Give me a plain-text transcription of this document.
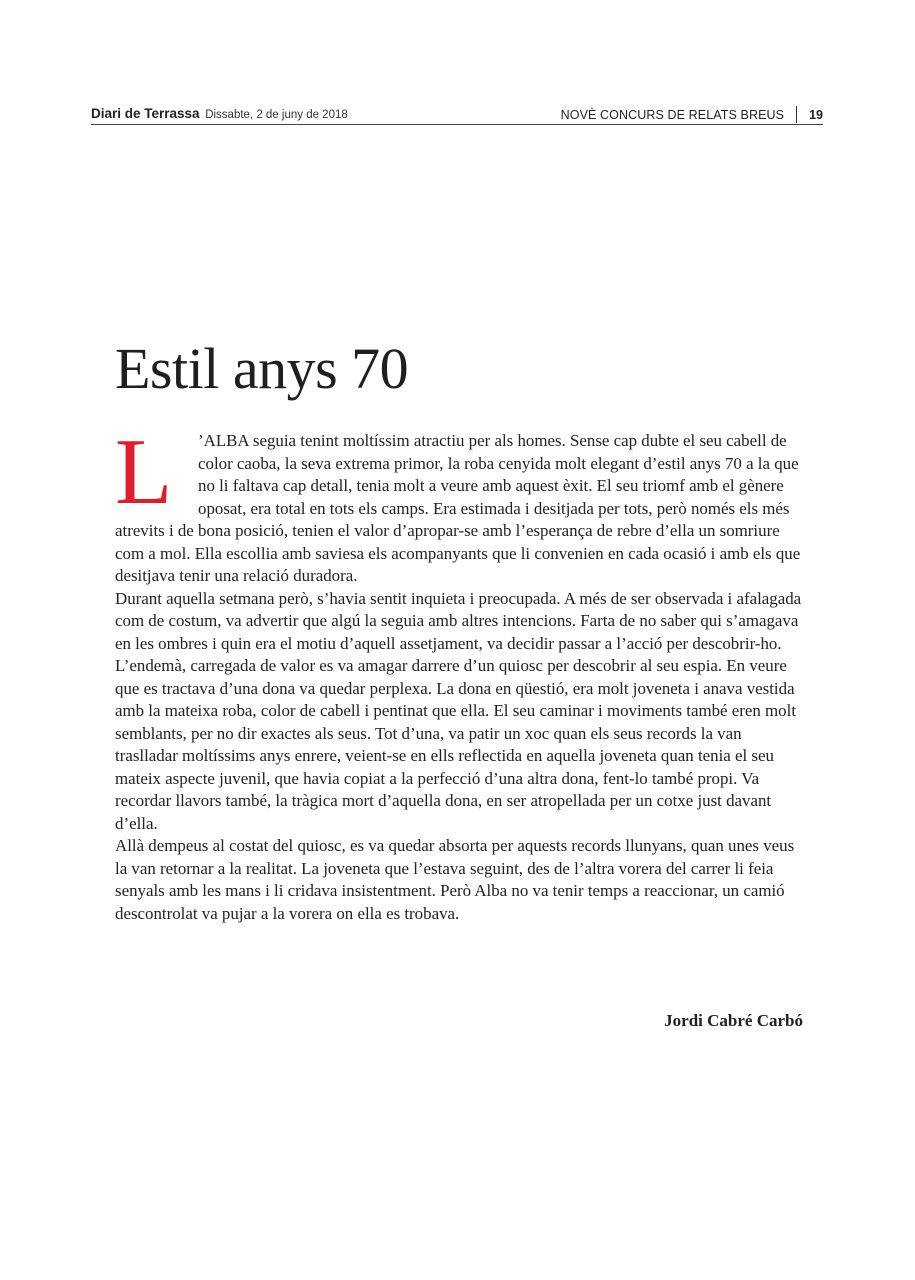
Diari de Terrassa Dissabte, 2 de juny de 2018	NOVÈ CONCURS DE RELATS BREUS 19
Estil anys 70
L	’ALBA seguia tenint moltíssim atractiu per als homes. Sense cap dubte el seu cabell de color caoba, la seva extrema primor, la roba cenyida molt elegant d’estil anys 70 a la que no li faltava cap detall, tenia molt a veure amb aquest èxit. El seu triomf amb el gènere oposat, era total en tots els camps. Era estimada i desitjada per tots, però només els més atrevits i de bona posició, tenien el valor d’apropar-se amb l’esperança de rebre d’ella un somriure com a mol. Ella escollia amb saviesa els acompanyants que li convenien en cada ocasió i amb els que desitjava tenir una relació duradora.

Durant aquella setmana però, s’havia sentit inquieta i preocupada. A més de ser observada i afalagada com de costum, va advertir que algú la seguia amb altres intencions. Farta de no saber qui s’amagava en les ombres i quin era el motiu d’aquell assetjament, va decidir passar a l’acció per descobrir-ho. L’endemà, carregada de valor es va amagar darrere d’un quiosc per descobrir al seu espia. En veure que es tractava d’una dona va quedar perplexa. La dona en qüestió, era molt joveneta i anava vestida amb la mateixa roba, color de cabell i pentinat que ella. El seu caminar i moviments també eren molt semblants, per no dir exactes als seus. Tot d’una, va patir un xoc quan els seus records la van traslladar moltíssims anys enrere, veient-se en ells reflectida en aquella joveneta quan tenia el seu mateix aspecte juvenil, que havia copiat a la perfecció d’una altra dona, fent-lo també propi. Va recordar llavors també, la tràgica mort d’aquella dona, en ser atropellada per un cotxe just davant d’ella.

Allà dempeus al costat del quiosc, es va quedar absorta per aquests records llunyans, quan unes veus la van retornar a la realitat. La joveneta que l’estava seguint, des de l’altra vorera del carrer li feia senyals amb les mans i li cridava insistentment. Però Alba no va tenir temps a reaccionar, un camió descontrolat va pujar a la vorera on ella es trobava.

Jordi Cabré Carbó
